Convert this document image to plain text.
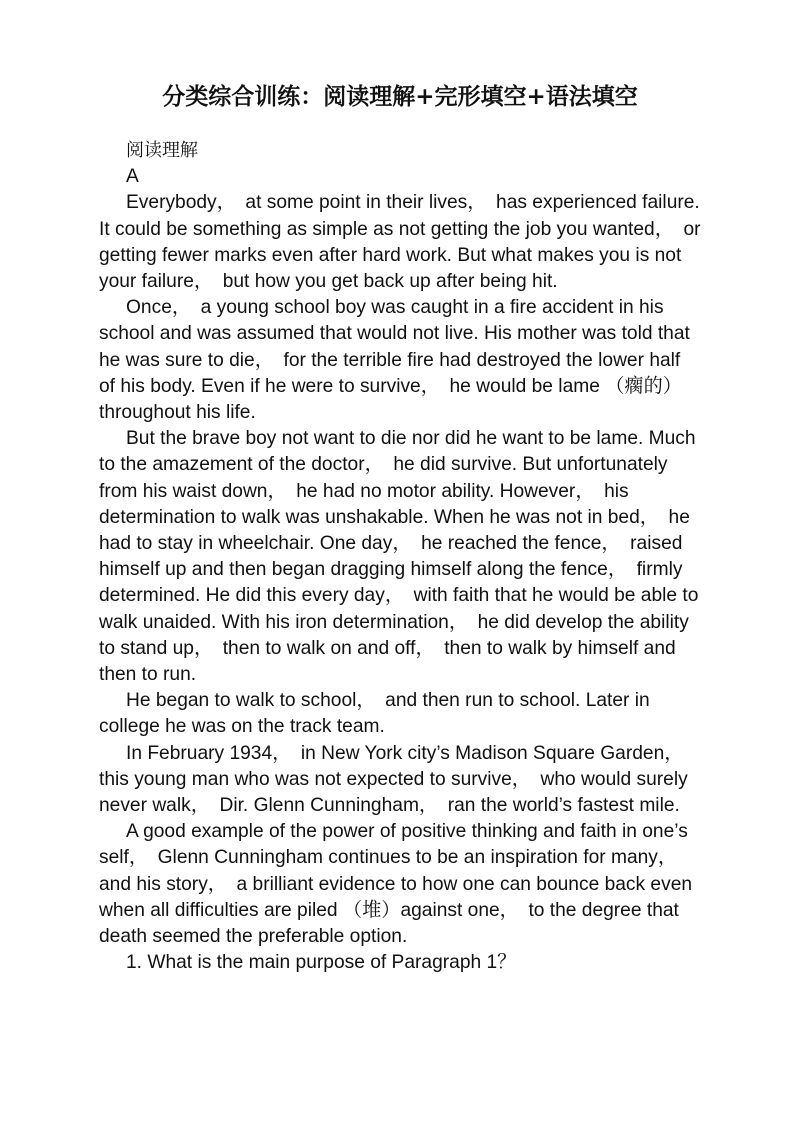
分类综合训练：阅读理解+完形填空+语法填空

阅读理解

A

Everybody，　at some point in their lives，　has experienced failure. It could be something as simple as not getting the job you wanted，　or getting fewer marks even after hard work. But what makes you is not your failure，　but how you get back up after being hit.

Once，　a young school boy was caught in a fire accident in his school and was assumed that would not live. His mother was told that he was sure to die，　for the terrible fire had destroyed the lower half of his body. Even if he were to survive，　he would be lame （瘸的）　throughout his life.

But the brave boy not want to die nor did he want to be lame. Much to the amazement of the doctor，　he did survive. But unfortunately from his waist down，　he had no motor ability. However，　his determination to walk was unshakable. When he was not in bed，　he had to stay in wheelchair. One day，　he reached the fence，　raised himself up and then began dragging himself along the fence，　firmly determined. He did this every day，　with faith that he would be able to walk unaided. With his iron determination，　he did develop the ability to stand up，　then to walk on and off，　then to walk by himself and then to run.

He began to walk to school，　and then run to school. Later in college he was on the track team.

In February 1934，　in New York city’s Madison Square Garden，　this young man who was not expected to survive，　who would surely never walk，　Dir. Glenn Cunningham，　ran the world’s fastest mile.

A good example of the power of positive thinking and faith in one’s self，　Glenn Cunningham continues to be an inspiration for many，　and his story，　a brilliant evidence to how one can bounce back even when all difficulties are piled （堆）against one，　to the degree that death seemed the preferable option.

1. What is the main purpose of Paragraph 1？
